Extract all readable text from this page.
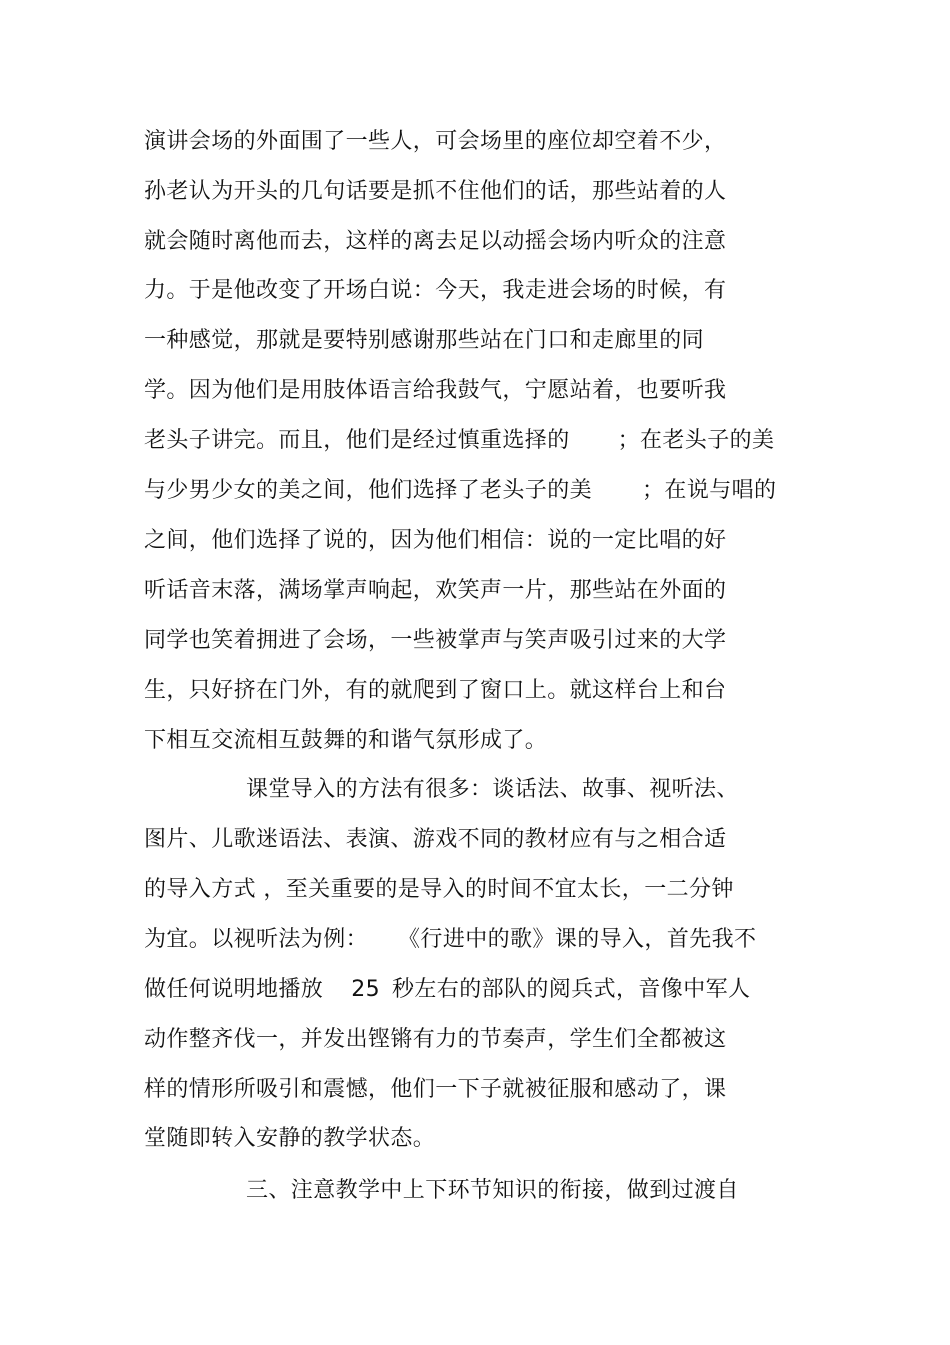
演讲会场的外面围了一些人，可会场里的座位却空着不少，
孙老认为开头的几句话要是抓不住他们的话，那些站着的人
就会随时离他而去，这样的离去足以动摇会场内听众的注意
力。于是他改变了开场白说：今天，我走进会场的时候，有
一种感觉，那就是要特别感谢那些站在门口和走廊里的同
学。因为他们是用肢体语言给我鼓气，宁愿站着，也要听我
老头子讲完。而且，他们是经过慎重选择的 ；在老头子的美
与少男少女的美之间，他们选择了老头子的美 ；在说与唱的
之间，他们选择了说的，因为他们相信：说的一定比唱的好
听话音末落，满场掌声响起，欢笑声一片，那些站在外面的
同学也笑着拥进了会场，一些被掌声与笑声吸引过来的大学
生，只好挤在门外，有的就爬到了窗口上。就这样台上和台
下相互交流相互鼓舞的和谐气氛形成了。
课堂导入的方法有很多：谈话法、故事、视听法、
图片、儿歌迷语法、表演、游戏不同的教材应有与之相合适
的导入方式 ，至关重要的是导入的时间不宜太长，一二分钟
为宜。以视听法为例： 《行进中的歌》课的导入，首先我不
做任何说明地播放 25 秒左右的部队的阅兵式，音像中军人
动作整齐伐一，并发出铿锵有力的节奏声，学生们全都被这
样的情形所吸引和震憾，他们一下子就被征服和感动了，课
堂随即转入安静的教学状态。
三、注意教学中上下环节知识的衔接，做到过渡自
